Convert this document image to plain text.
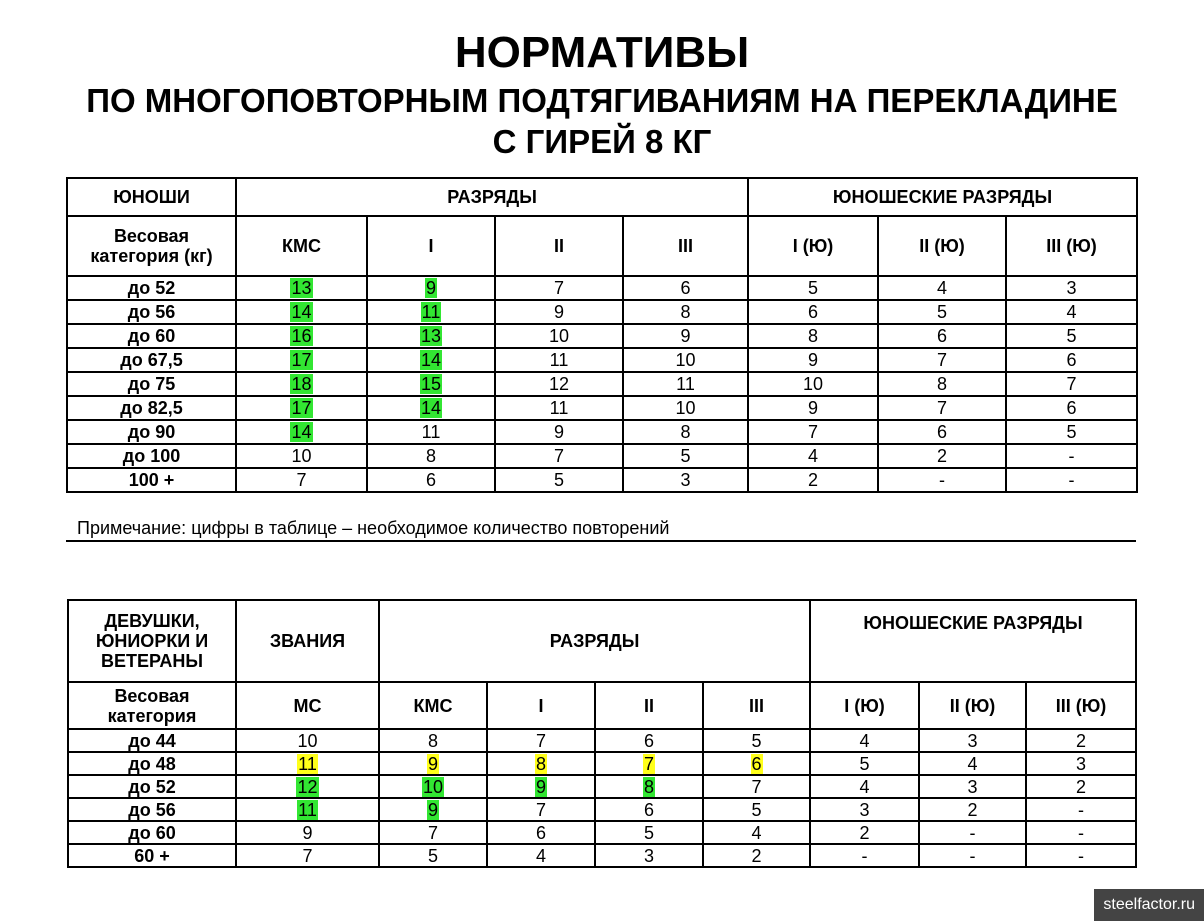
НОРМАТИВЫ
ПО МНОГОПОВТОРНЫМ ПОДТЯГИВАНИЯМ НА ПЕРЕКЛАДИНЕ
С ГИРЕЙ 8 КГ
ЮНОШИ	РАЗРЯДЫ				ЮНОШЕСКИЕ РАЗРЯДЫ		
Весовая категория (кг)	КМС	I	II	III	I (Ю)	II (Ю)	III (Ю)
до 52	13	9	7	6	5	4	3
до 56	14	11	9	8	6	5	4
до 60	16	13	10	9	8	6	5
до 67,5	17	14	11	10	9	7	6
до 75	18	15	12	11	10	8	7
до 82,5	17	14	11	10	9	7	6
до 90	14	11	9	8	7	6	5
до 100	10	8	7	5	4	2	-
100 +	7	6	5	3	2	-	-
Примечание: цифры в таблице – необходимое количество повторений
ДЕВУШКИ, ЮНИОРКИ И ВЕТЕРАНЫ	ЗВАНИЯ	РАЗРЯДЫ				ЮНОШЕСКИЕ РАЗРЯДЫ		
Весовая категория	МС	КМС	I	II	III	I (Ю)	II (Ю)	III (Ю)
до 44	10	8	7	6	5	4	3	2
до 48	11	9	8	7	6	5	4	3
до 52	12	10	9	8	7	4	3	2
до 56	11	9	7	6	5	3	2	-
до 60	9	7	6	5	4	2	-	-
60 +	7	5	4	3	2	-	-	-
steelfactor.ru
